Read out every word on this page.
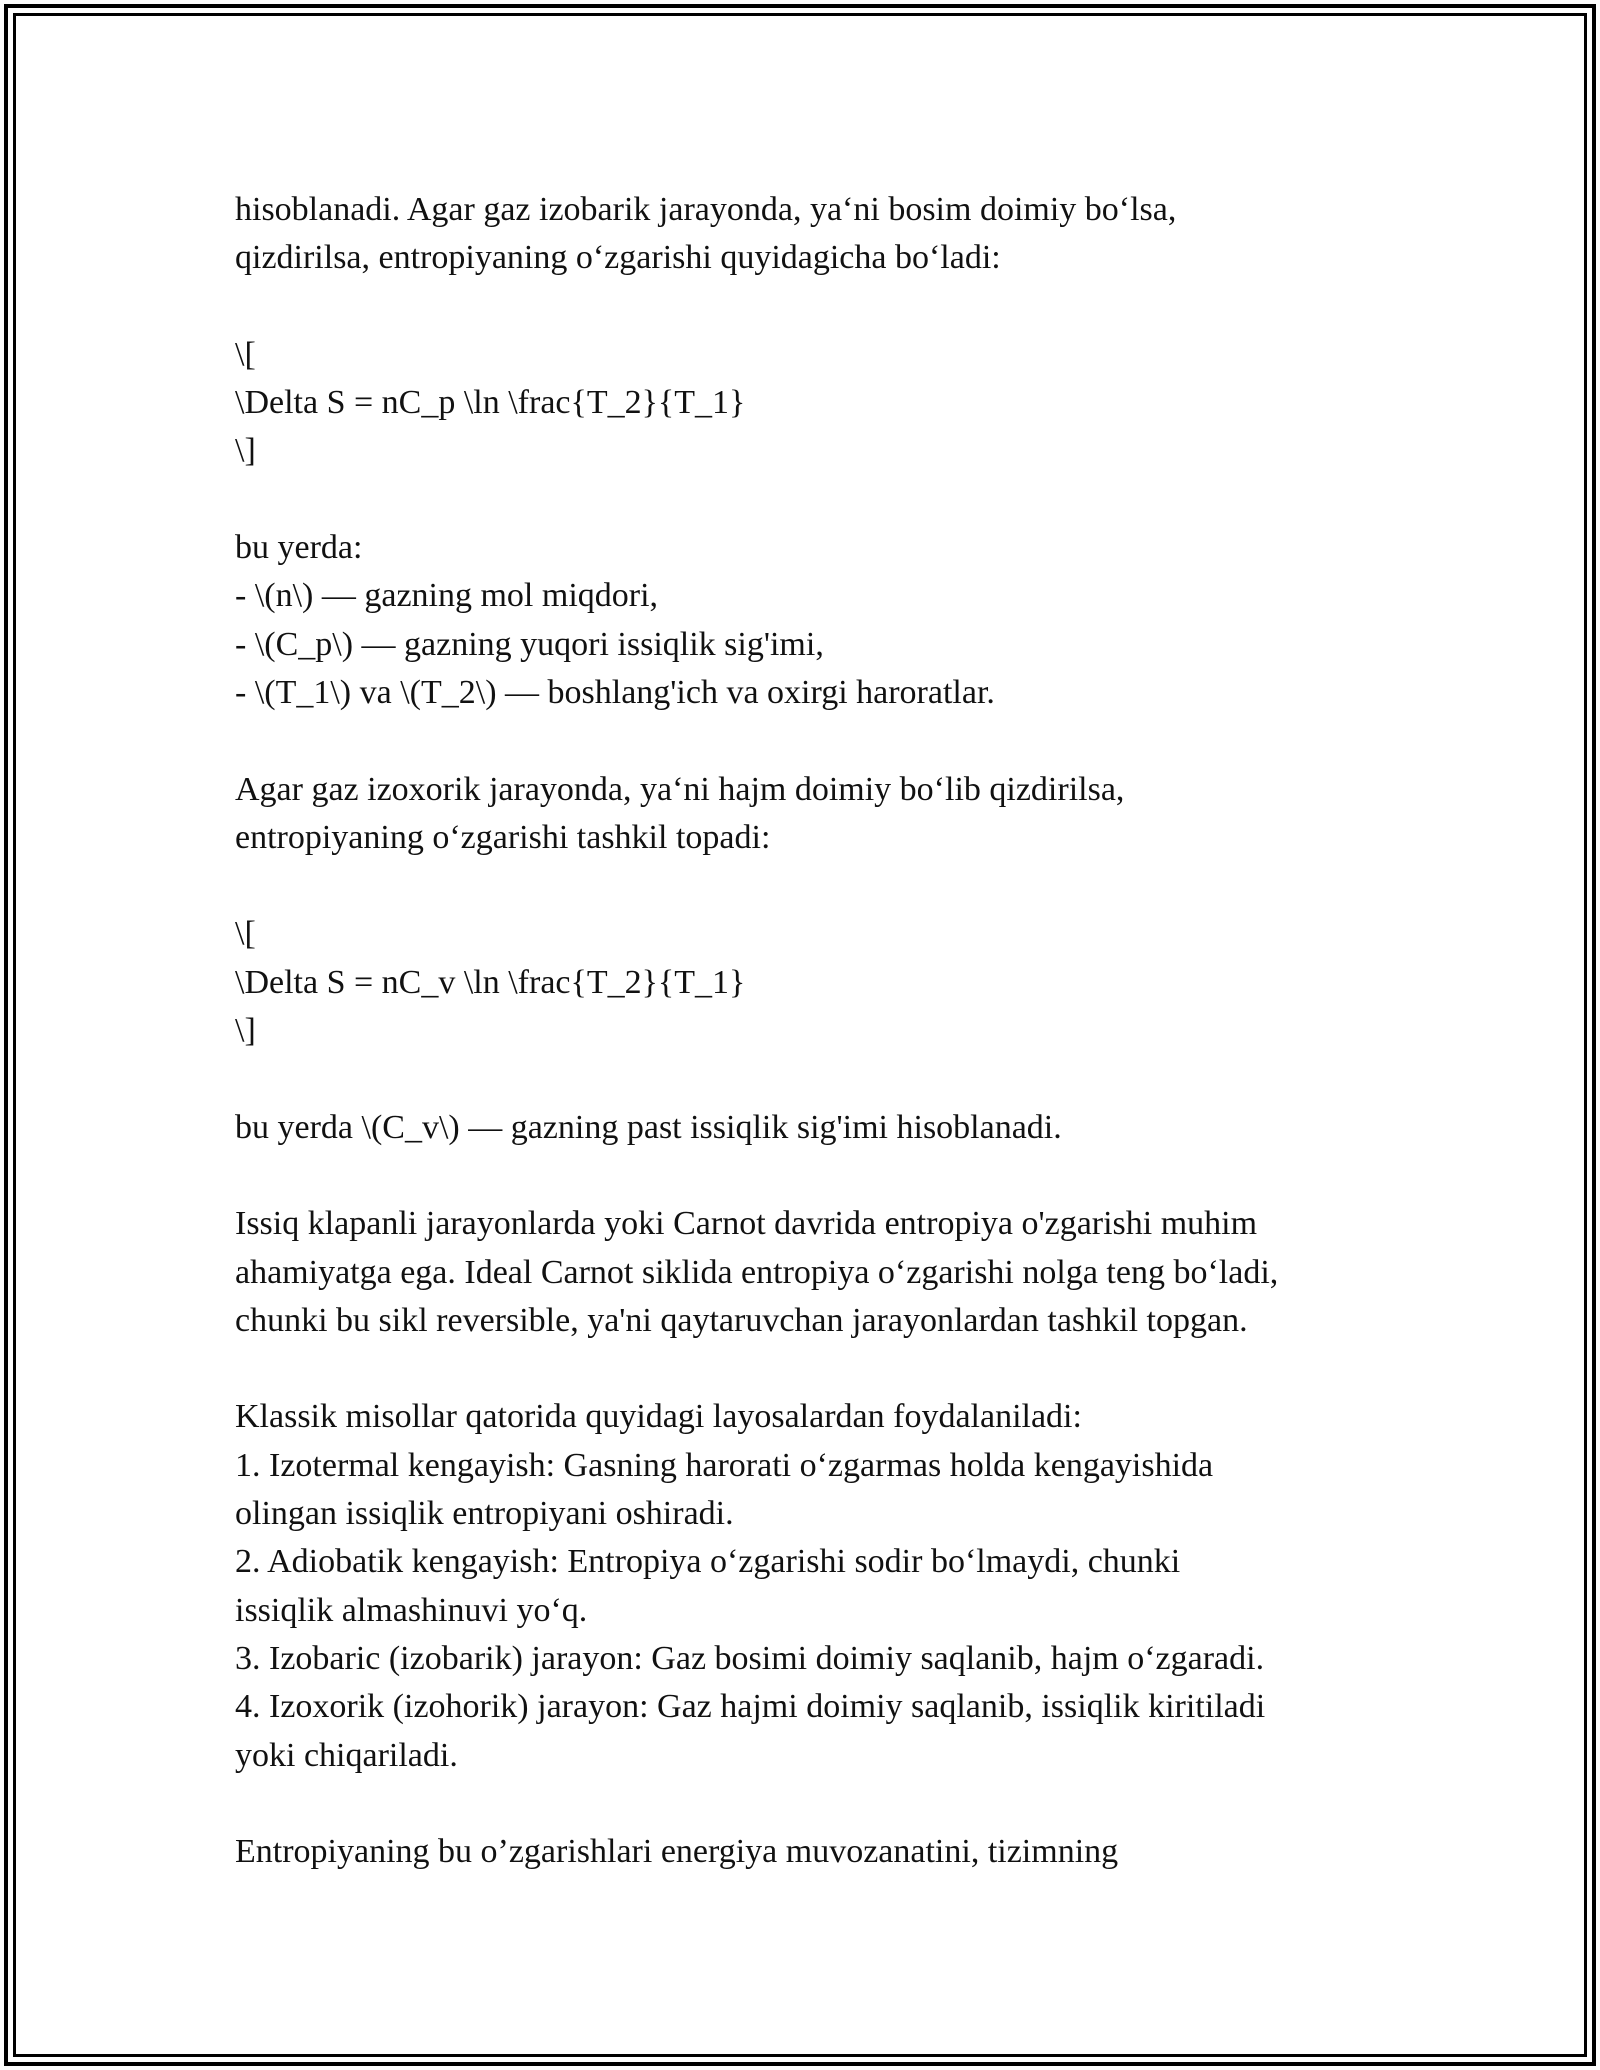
hisoblanadi. Agar gaz izobarik jarayonda, ya‘ni bosim doimiy bo‘lsa,
qizdirilsa, entropiyaning o‘zgarishi quyidagicha bo‘ladi:
\[
\Delta S = nC_p \ln \frac{T_2}{T_1}
\]
bu yerda:
- \(n\) — gazning mol miqdori,
- \(C_p\) — gazning yuqori issiqlik sig'imi,
- \(T_1\) va \(T_2\) — boshlang'ich va oxirgi haroratlar.
Agar gaz izoxorik jarayonda, ya‘ni hajm doimiy bo‘lib qizdirilsa,
entropiyaning o‘zgarishi tashkil topadi:
\[
\Delta S = nC_v \ln \frac{T_2}{T_1}
\]
bu yerda \(C_v\) — gazning past issiqlik sig'imi hisoblanadi.
Issiq klapanli jarayonlarda yoki Carnot davrida entropiya o'zgarishi muhim
ahamiyatga ega. Ideal Carnot siklida entropiya o‘zgarishi nolga teng bo‘ladi,
chunki bu sikl reversible, ya'ni qaytaruvchan jarayonlardan tashkil topgan.
Klassik misollar qatorida quyidagi layosalardan foydalaniladi:
1. Izotermal kengayish: Gasning harorati o‘zgarmas holda kengayishida
olingan issiqlik entropiyani oshiradi.
2. Adiobatik kengayish: Entropiya o‘zgarishi sodir bo‘lmaydi, chunki
issiqlik almashinuvi yo‘q.
3. Izobaric (izobarik) jarayon: Gaz bosimi doimiy saqlanib, hajm o‘zgaradi.
4. Izoxorik (izohorik) jarayon: Gaz hajmi doimiy saqlanib, issiqlik kiritiladi
yoki chiqariladi.
Entropiyaning bu o’zgarishlari energiya muvozanatini, tizimning
